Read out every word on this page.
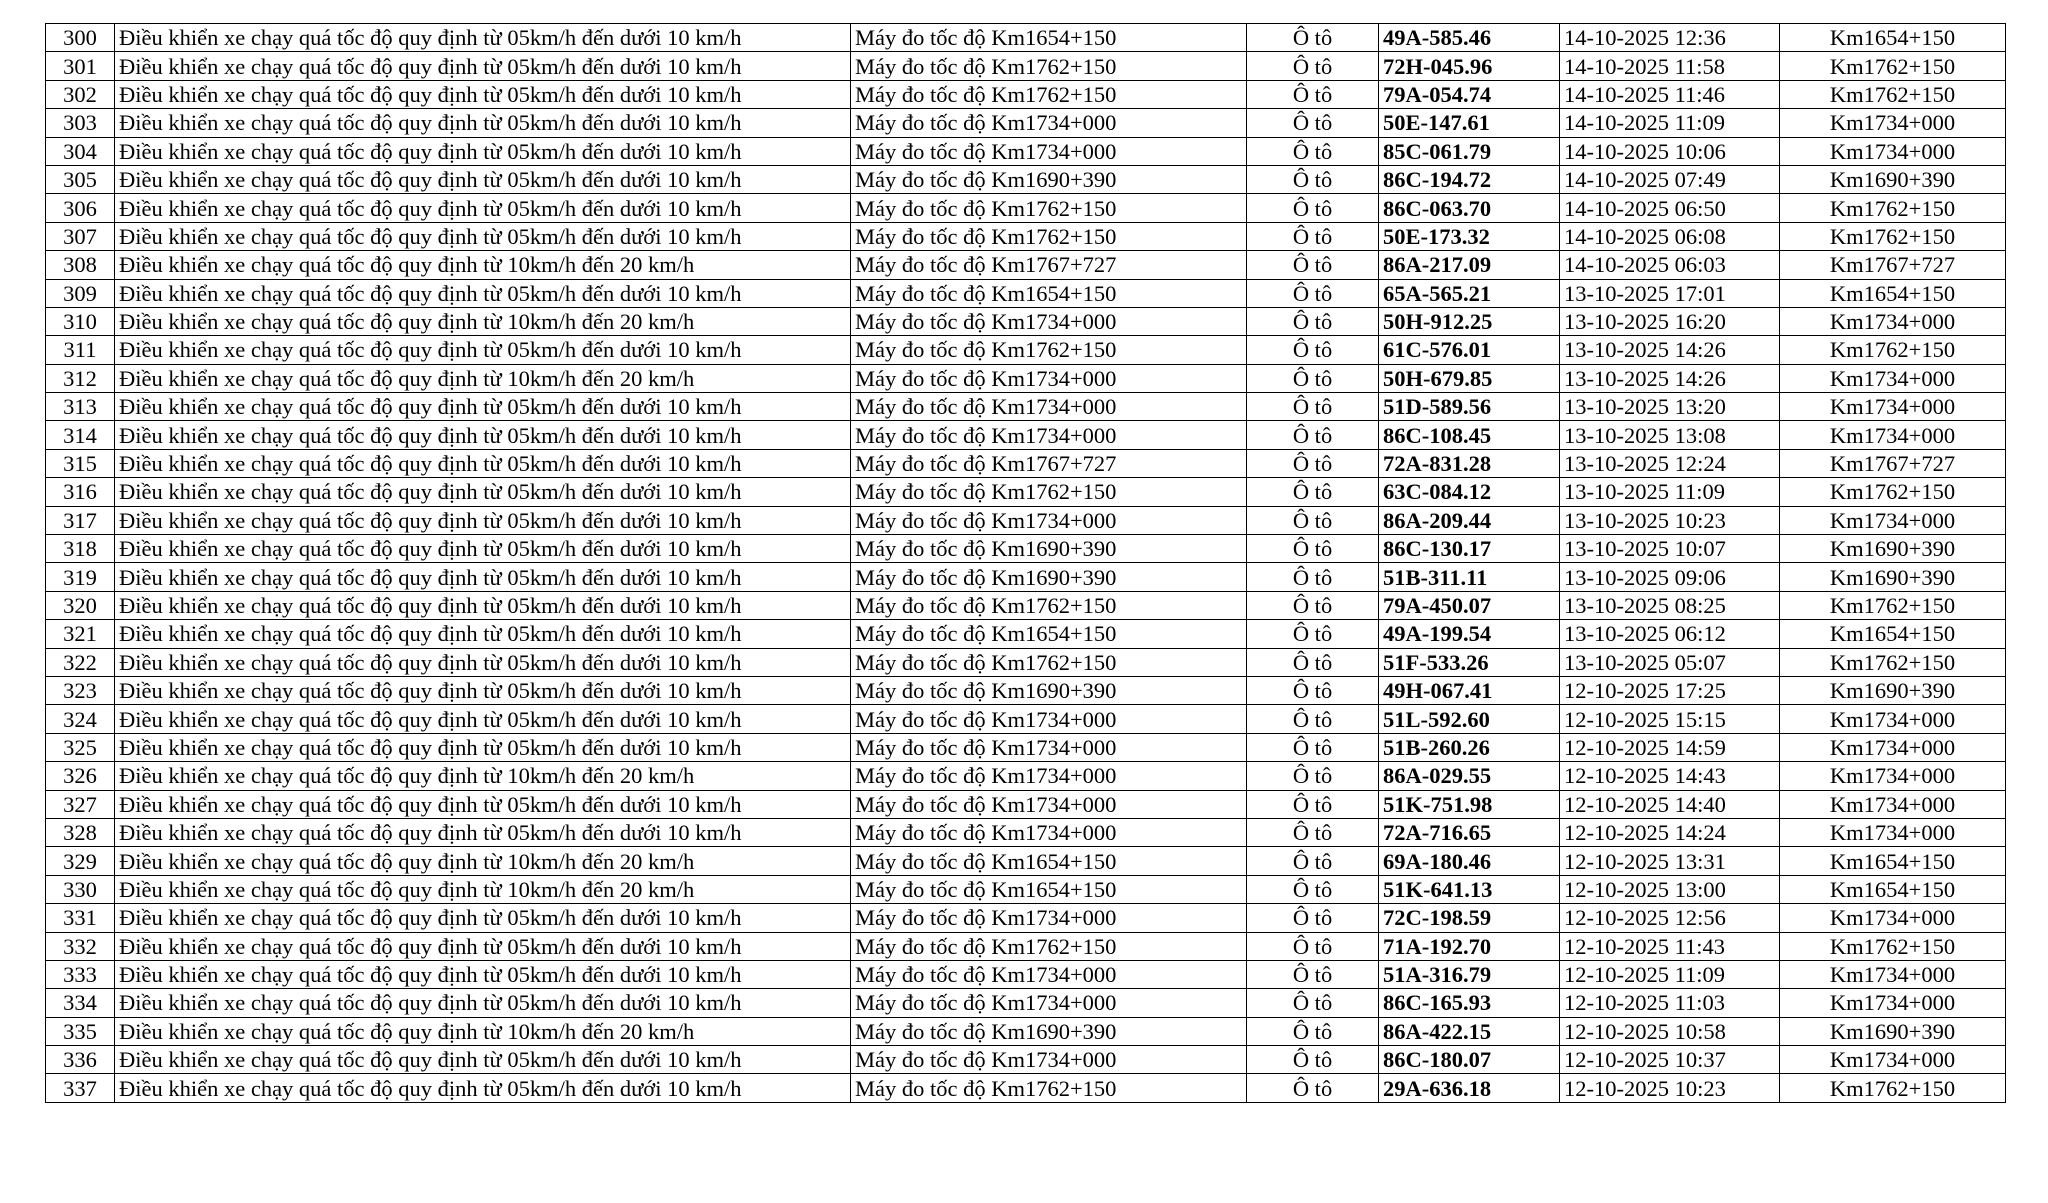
300	Điều khiển xe chạy quá tốc độ quy định từ 05km/h đến dưới 10 km/h	Máy đo tốc độ Km1654+150	Ô tô	49A-585.46	14-10-2025 12:36	Km1654+150
301	Điều khiển xe chạy quá tốc độ quy định từ 05km/h đến dưới 10 km/h	Máy đo tốc độ Km1762+150	Ô tô	72H-045.96	14-10-2025 11:58	Km1762+150
302	Điều khiển xe chạy quá tốc độ quy định từ 05km/h đến dưới 10 km/h	Máy đo tốc độ Km1762+150	Ô tô	79A-054.74	14-10-2025 11:46	Km1762+150
303	Điều khiển xe chạy quá tốc độ quy định từ 05km/h đến dưới 10 km/h	Máy đo tốc độ Km1734+000	Ô tô	50E-147.61	14-10-2025 11:09	Km1734+000
304	Điều khiển xe chạy quá tốc độ quy định từ 05km/h đến dưới 10 km/h	Máy đo tốc độ Km1734+000	Ô tô	85C-061.79	14-10-2025 10:06	Km1734+000
305	Điều khiển xe chạy quá tốc độ quy định từ 05km/h đến dưới 10 km/h	Máy đo tốc độ Km1690+390	Ô tô	86C-194.72	14-10-2025 07:49	Km1690+390
306	Điều khiển xe chạy quá tốc độ quy định từ 05km/h đến dưới 10 km/h	Máy đo tốc độ Km1762+150	Ô tô	86C-063.70	14-10-2025 06:50	Km1762+150
307	Điều khiển xe chạy quá tốc độ quy định từ 05km/h đến dưới 10 km/h	Máy đo tốc độ Km1762+150	Ô tô	50E-173.32	14-10-2025 06:08	Km1762+150
308	Điều khiển xe chạy quá tốc độ quy định từ 10km/h đến 20 km/h	Máy đo tốc độ Km1767+727	Ô tô	86A-217.09	14-10-2025 06:03	Km1767+727
309	Điều khiển xe chạy quá tốc độ quy định từ 05km/h đến dưới 10 km/h	Máy đo tốc độ Km1654+150	Ô tô	65A-565.21	13-10-2025 17:01	Km1654+150
310	Điều khiển xe chạy quá tốc độ quy định từ 10km/h đến 20 km/h	Máy đo tốc độ Km1734+000	Ô tô	50H-912.25	13-10-2025 16:20	Km1734+000
311	Điều khiển xe chạy quá tốc độ quy định từ 05km/h đến dưới 10 km/h	Máy đo tốc độ Km1762+150	Ô tô	61C-576.01	13-10-2025 14:26	Km1762+150
312	Điều khiển xe chạy quá tốc độ quy định từ 10km/h đến 20 km/h	Máy đo tốc độ Km1734+000	Ô tô	50H-679.85	13-10-2025 14:26	Km1734+000
313	Điều khiển xe chạy quá tốc độ quy định từ 05km/h đến dưới 10 km/h	Máy đo tốc độ Km1734+000	Ô tô	51D-589.56	13-10-2025 13:20	Km1734+000
314	Điều khiển xe chạy quá tốc độ quy định từ 05km/h đến dưới 10 km/h	Máy đo tốc độ Km1734+000	Ô tô	86C-108.45	13-10-2025 13:08	Km1734+000
315	Điều khiển xe chạy quá tốc độ quy định từ 05km/h đến dưới 10 km/h	Máy đo tốc độ Km1767+727	Ô tô	72A-831.28	13-10-2025 12:24	Km1767+727
316	Điều khiển xe chạy quá tốc độ quy định từ 05km/h đến dưới 10 km/h	Máy đo tốc độ Km1762+150	Ô tô	63C-084.12	13-10-2025 11:09	Km1762+150
317	Điều khiển xe chạy quá tốc độ quy định từ 05km/h đến dưới 10 km/h	Máy đo tốc độ Km1734+000	Ô tô	86A-209.44	13-10-2025 10:23	Km1734+000
318	Điều khiển xe chạy quá tốc độ quy định từ 05km/h đến dưới 10 km/h	Máy đo tốc độ Km1690+390	Ô tô	86C-130.17	13-10-2025 10:07	Km1690+390
319	Điều khiển xe chạy quá tốc độ quy định từ 05km/h đến dưới 10 km/h	Máy đo tốc độ Km1690+390	Ô tô	51B-311.11	13-10-2025 09:06	Km1690+390
320	Điều khiển xe chạy quá tốc độ quy định từ 05km/h đến dưới 10 km/h	Máy đo tốc độ Km1762+150	Ô tô	79A-450.07	13-10-2025 08:25	Km1762+150
321	Điều khiển xe chạy quá tốc độ quy định từ 05km/h đến dưới 10 km/h	Máy đo tốc độ Km1654+150	Ô tô	49A-199.54	13-10-2025 06:12	Km1654+150
322	Điều khiển xe chạy quá tốc độ quy định từ 05km/h đến dưới 10 km/h	Máy đo tốc độ Km1762+150	Ô tô	51F-533.26	13-10-2025 05:07	Km1762+150
323	Điều khiển xe chạy quá tốc độ quy định từ 05km/h đến dưới 10 km/h	Máy đo tốc độ Km1690+390	Ô tô	49H-067.41	12-10-2025 17:25	Km1690+390
324	Điều khiển xe chạy quá tốc độ quy định từ 05km/h đến dưới 10 km/h	Máy đo tốc độ Km1734+000	Ô tô	51L-592.60	12-10-2025 15:15	Km1734+000
325	Điều khiển xe chạy quá tốc độ quy định từ 05km/h đến dưới 10 km/h	Máy đo tốc độ Km1734+000	Ô tô	51B-260.26	12-10-2025 14:59	Km1734+000
326	Điều khiển xe chạy quá tốc độ quy định từ 10km/h đến 20 km/h	Máy đo tốc độ Km1734+000	Ô tô	86A-029.55	12-10-2025 14:43	Km1734+000
327	Điều khiển xe chạy quá tốc độ quy định từ 05km/h đến dưới 10 km/h	Máy đo tốc độ Km1734+000	Ô tô	51K-751.98	12-10-2025 14:40	Km1734+000
328	Điều khiển xe chạy quá tốc độ quy định từ 05km/h đến dưới 10 km/h	Máy đo tốc độ Km1734+000	Ô tô	72A-716.65	12-10-2025 14:24	Km1734+000
329	Điều khiển xe chạy quá tốc độ quy định từ 10km/h đến 20 km/h	Máy đo tốc độ Km1654+150	Ô tô	69A-180.46	12-10-2025 13:31	Km1654+150
330	Điều khiển xe chạy quá tốc độ quy định từ 10km/h đến 20 km/h	Máy đo tốc độ Km1654+150	Ô tô	51K-641.13	12-10-2025 13:00	Km1654+150
331	Điều khiển xe chạy quá tốc độ quy định từ 05km/h đến dưới 10 km/h	Máy đo tốc độ Km1734+000	Ô tô	72C-198.59	12-10-2025 12:56	Km1734+000
332	Điều khiển xe chạy quá tốc độ quy định từ 05km/h đến dưới 10 km/h	Máy đo tốc độ Km1762+150	Ô tô	71A-192.70	12-10-2025 11:43	Km1762+150
333	Điều khiển xe chạy quá tốc độ quy định từ 05km/h đến dưới 10 km/h	Máy đo tốc độ Km1734+000	Ô tô	51A-316.79	12-10-2025 11:09	Km1734+000
334	Điều khiển xe chạy quá tốc độ quy định từ 05km/h đến dưới 10 km/h	Máy đo tốc độ Km1734+000	Ô tô	86C-165.93	12-10-2025 11:03	Km1734+000
335	Điều khiển xe chạy quá tốc độ quy định từ 10km/h đến 20 km/h	Máy đo tốc độ Km1690+390	Ô tô	86A-422.15	12-10-2025 10:58	Km1690+390
336	Điều khiển xe chạy quá tốc độ quy định từ 05km/h đến dưới 10 km/h	Máy đo tốc độ Km1734+000	Ô tô	86C-180.07	12-10-2025 10:37	Km1734+000
337	Điều khiển xe chạy quá tốc độ quy định từ 05km/h đến dưới 10 km/h	Máy đo tốc độ Km1762+150	Ô tô	29A-636.18	12-10-2025 10:23	Km1762+150
